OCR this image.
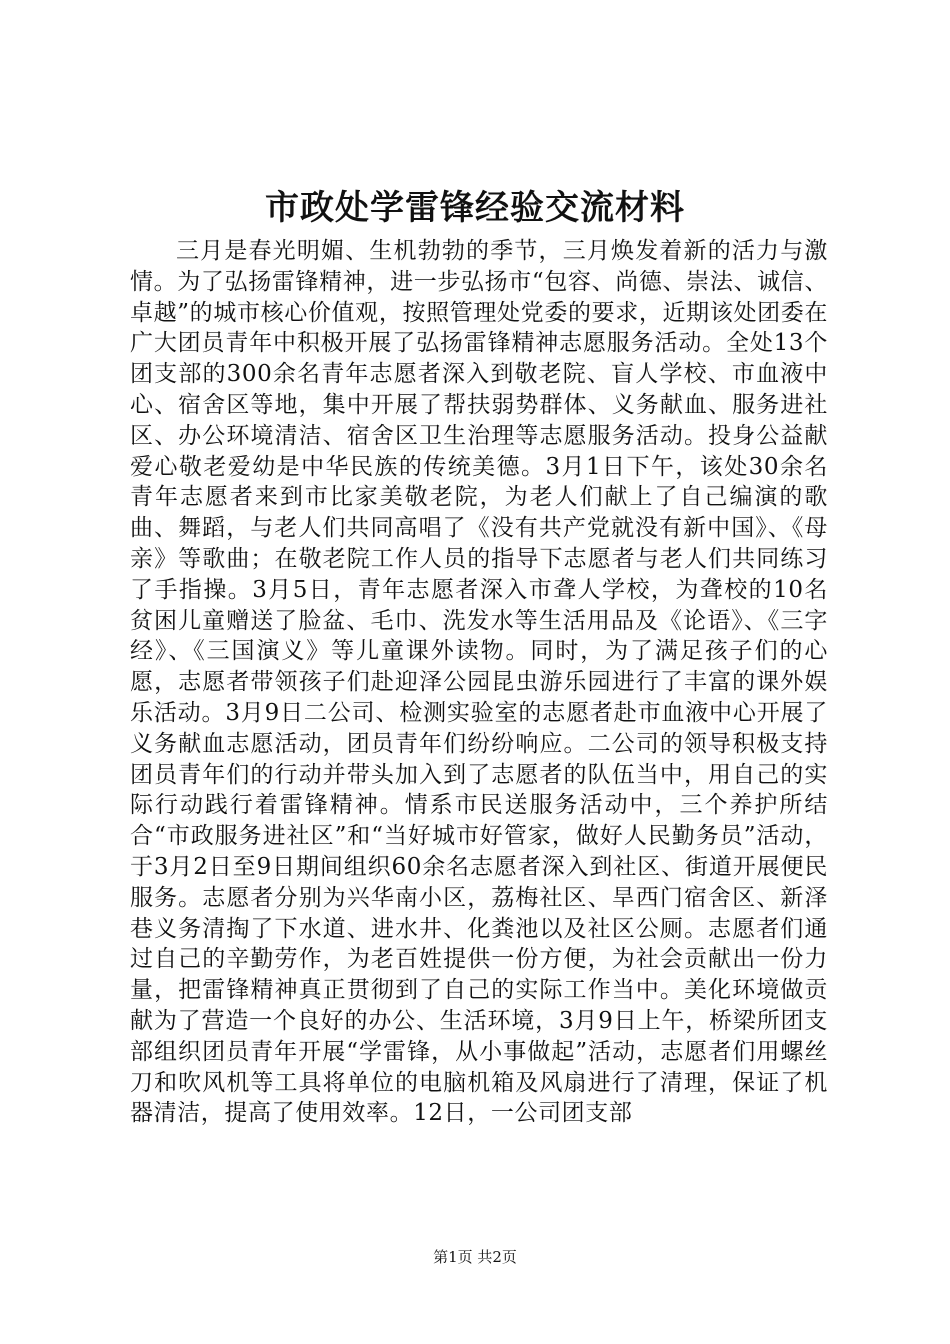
市政处学雷锋经验交流材料

三月是春光明媚、生机勃勃的季节，三月焕发着新的活力与激情。为了弘扬雷锋精神，进一步弘扬市“包容、尚德、崇法、诚信、卓越”的城市核心价值观，按照管理处党委的要求，近期该处团委在广大团员青年中积极开展了弘扬雷锋精神志愿服务活动。全处13个团支部的300余名青年志愿者深入到敬老院、盲人学校、市血液中心、宿舍区等地，集中开展了帮扶弱势群体、义务献血、服务进社区、办公环境清洁、宿舍区卫生治理等志愿服务活动。投身公益献爱心敬老爱幼是中华民族的传统美德。3月1日下午，该处30余名青年志愿者来到市比家美敬老院，为老人们献上了自己编演的歌曲、舞蹈，与老人们共同高唱了《没有共产党就没有新中国》、《母亲》等歌曲；在敬老院工作人员的指导下志愿者与老人们共同练习了手指操。3月5日，青年志愿者深入市聋人学校，为聋校的10名贫困儿童赠送了脸盆、毛巾、洗发水等生活用品及《论语》、《三字经》、《三国演义》等儿童课外读物。同时，为了满足孩子们的心愿，志愿者带领孩子们赴迎泽公园昆虫游乐园进行了丰富的课外娱乐活动。3月9日二公司、检测实验室的志愿者赴市血液中心开展了义务献血志愿活动，团员青年们纷纷响应。二公司的领导积极支持团员青年们的行动并带头加入到了志愿者的队伍当中，用自己的实际行动践行着雷锋精神。情系市民送服务活动中，三个养护所结合“市政服务进社区”和“当好城市好管家，做好人民勤务员”活动，于3月2日至9日期间组织60余名志愿者深入到社区、街道开展便民服务。志愿者分别为兴华南小区，荔梅社区、旱西门宿舍区、新泽巷义务清掏了下水道、进水井、化粪池以及社区公厕。志愿者们通过自己的辛勤劳作，为老百姓提供一份方便，为社会贡献出一份力量，把雷锋精神真正贯彻到了自己的实际工作当中。美化环境做贡献为了营造一个良好的办公、生活环境，3月9日上午，桥梁所团支部组织团员青年开展“学雷锋，从小事做起”活动，志愿者们用螺丝刀和吹风机等工具将单位的电脑机箱及风扇进行了清理，保证了机器清洁，提高了使用效率。12日，一公司团支部

第1页 共2页
